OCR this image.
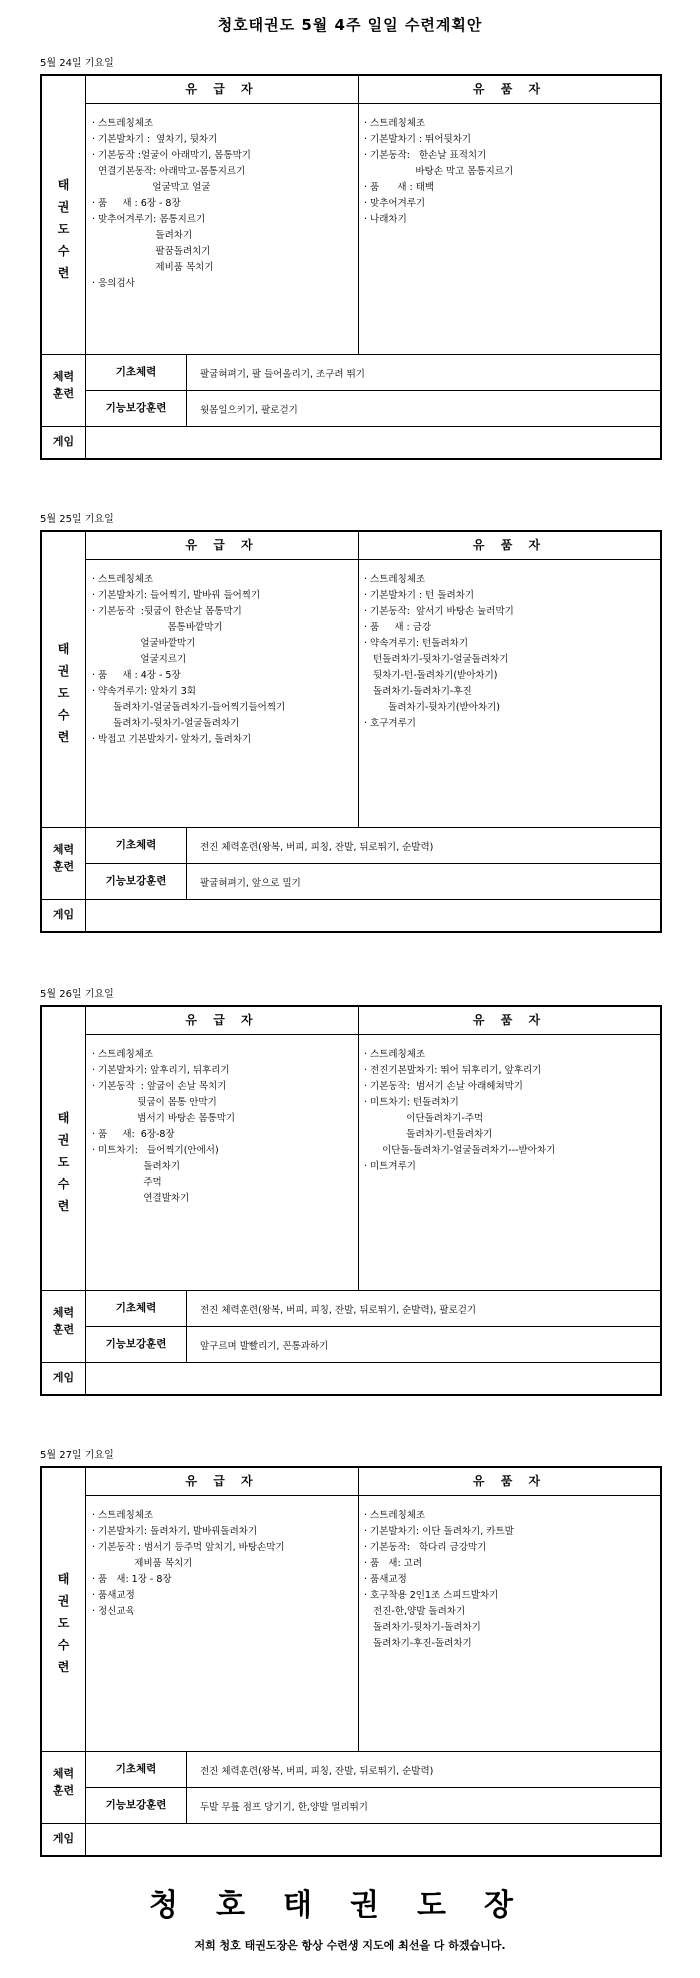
청호태권도 5월 4주 일일 수련계획안
5월 24일 기요일
유 급 자	유 품 자
태
권
도
수
련
· 스트레칭체조
· 기본발차기 :  옆차기, 뒷차기
· 기본동작 :얼굴이 아래막기, 몸통막기
연결기본동작: 아래막고-몸통지르기
얼굴막고 얼굴
· 품     새 : 6장 - 8장
· 맞추어겨루기: 몸통지르기
돌려차기
팔꿈돌려치기
제비품 목치기
· 응의검사
· 스트레칭체조
· 기본발차기 : 뛰어뒷차기
· 기본동작:   한손날 표적치기
바탕손 막고 몸통지르기
· 품      새 : 태백
· 맞추어겨루기
· 나래차기
체력
훈련
기초체력	팔굽혀펴기, 팔 들어올리기, 조구려 뛰기
기능보강훈련	윗몸일으키기, 팔로걷기
게임
5월 25일 기요일
유 급 자	유 품 자
태
권
도
수
련
· 스트레칭체조
· 기본발차기: 들어찍기, 발바꿔 들어찍기
· 기본동작  :뒷굽이 한손날 몸통막기
몸통바깥막기
얼굴바깥막기
얼굴지르기
· 품     새 : 4장 - 5장
· 약속겨루기: 앞차기 3회
돌려차기-얼굴돌려차기-들어찍기들어찍기
돌려차기-뒷차기-얼굴돌려차기
· 박접고 기본발차기- 앞차기, 돌려차기
· 스트레칭체조
· 기본발차기 : 턴 돌려차기
· 기본동작:  앞서기 바탕손 눌러막기
· 품     새 : 금강
· 약속겨루기: 턴돌려차기
턴돌려차기-뒷차기-얼굴돌려차기
뒷차기-턴-돌려차기(받아차기)
돌려차기-돌려차기-후진
돌려차기-뒷차기(받아차기)
· 호구겨루기
체력
훈련
기초체력	전진 체력훈련(왕복, 버피, 피칭, 잔발, 뒤로뛰기, 순발력)
기능보강훈련	팔굽혀펴기, 앞으로 밀기
게임
5월 26일 기요일
유 급 자	유 품 자
태
권
도
수
련
· 스트레칭체조
· 기본발차기: 앞후리기, 뒤후리기
· 기본동작  : 앞굽이 손날 목치기
뒷굽이 몸통 안막기
범서기 바탕손 몸통막기
· 품     새:  6장-8장
· 미트차기:   들어찍기(안에서)
돌려차기
주먹
연결발차기
· 스트레칭체조
· 전진기본발차기: 뛰어 뒤후리기, 앞후리기
· 기본동작:  범서기 손날 아래헤쳐막기
· 미트차기: 턴돌려차기
이단돌려차기-주먹
돌려차기-턴돌려차기
이단돌-돌려차기-얼굴돌려차기---받아차기
· 미트겨루기
체력
훈련
기초체력	전진 체력훈련(왕복, 버피, 피칭, 잔발, 뒤로뛰기, 순발력), 팔로걷기
기능보강훈련	앞구르며 발빨리기, 꼰통과하기
게임
5월 27일 기요일
유 급 자	유 품 자
태
권
도
수
련
· 스트레칭체조
· 기본발차기: 돌려차기, 발바꿔돌려차기
· 기본동작 : 범서기 등주먹 앞치기, 바탕손막기
제비품 목치기
· 품   새: 1장 - 8장
· 품새교정
· 정신교육
· 스트레칭체조
· 기본발차기: 이단 돌려차기, 카트발
· 기본동작:   학다리 금강막기
· 품   새: 고려
· 품새교정
· 호구착용 2인1조 스피드발차기
전진-한,양발 돌려차기
돌려차기-뒷차기-돌려차기
돌려차기-후진-돌려차기
체력
훈련
기초체력	전진 체력훈련(왕복, 버피, 피칭, 잔발, 뒤로뛰기, 순발력)
기능보강훈련	두발 무릎 점프 당기기, 한,양발 멀리뛰기
게임
청호태권도장
저희 청호 태권도장은 항상 수련생 지도에 최선을 다 하겠습니다.
